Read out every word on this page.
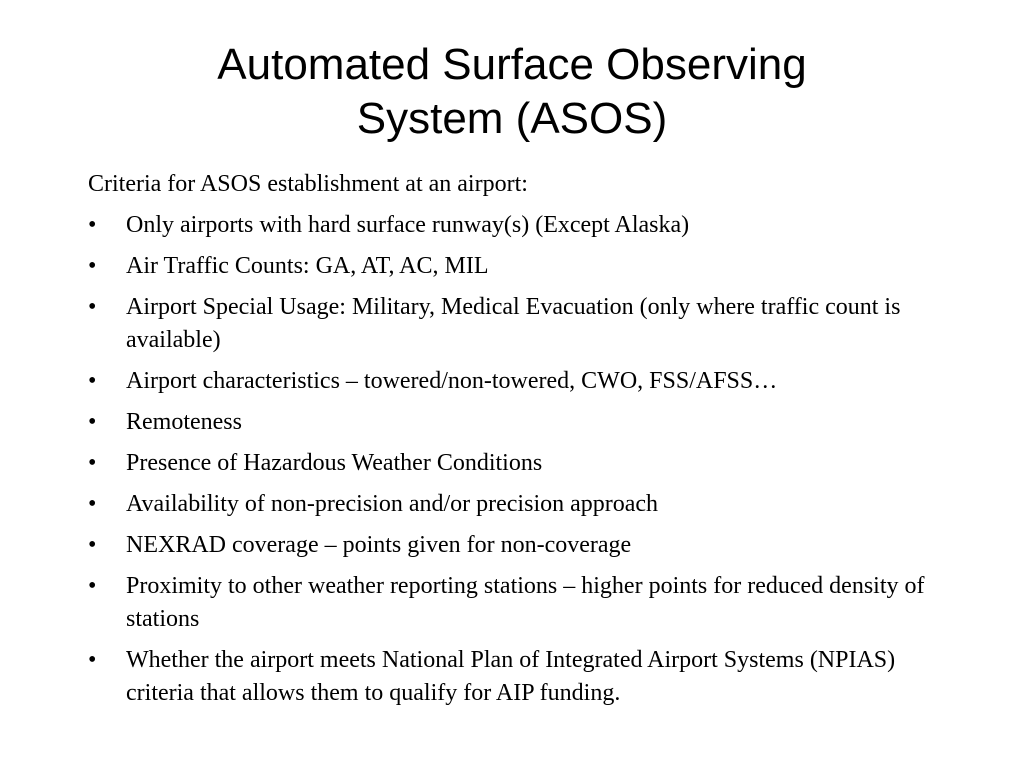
Automated Surface Observing
System (ASOS)

Criteria for ASOS establishment at an airport:

•	Only airports with hard surface runway(s) (Except Alaska)
•	Air Traffic Counts: GA, AT, AC, MIL
•	Airport Special Usage: Military, Medical Evacuation (only where traffic count is available)
•	Airport characteristics – towered/non-towered, CWO, FSS/AFSS…
•	Remoteness
•	Presence of Hazardous Weather Conditions
•	Availability of non-precision and/or precision approach
•	NEXRAD coverage – points given for non-coverage
•	Proximity to other weather reporting stations – higher points for reduced density of stations
•	Whether the airport meets National Plan of Integrated Airport Systems (NPIAS) criteria that allows them to qualify for AIP funding.
